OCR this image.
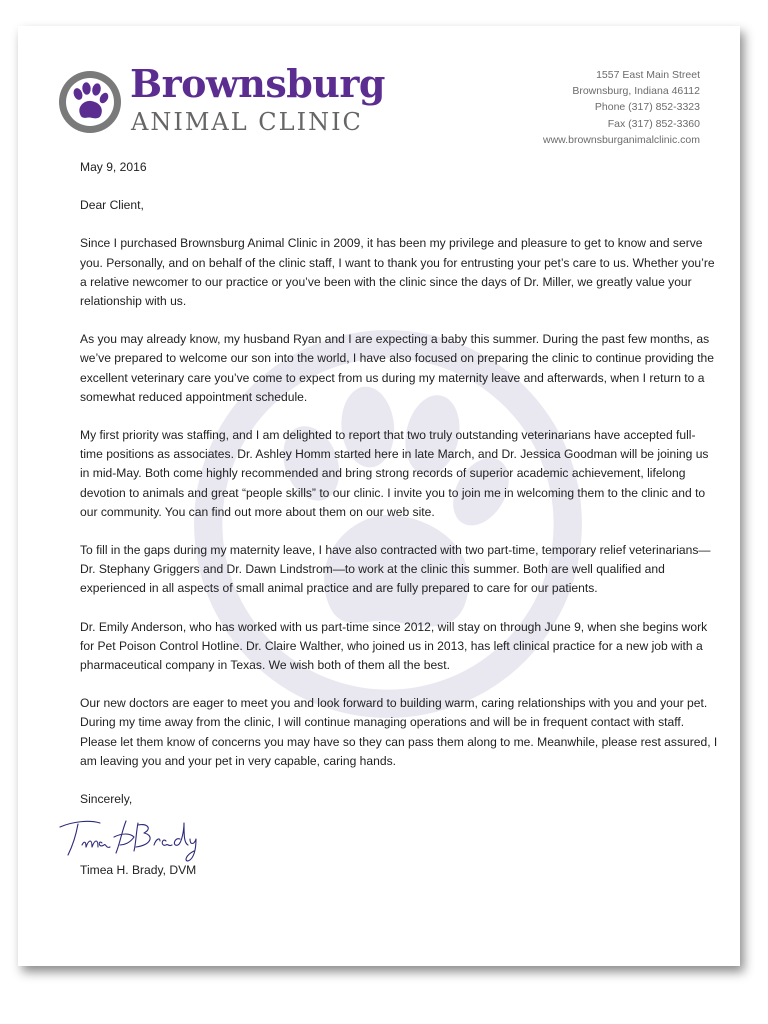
Brownsburg
ANIMAL CLINIC
1557 East Main Street
Brownsburg, Indiana 46112
Phone (317) 852-3323
Fax (317) 852-3360
www.brownsburganimalclinic.com

May 9, 2016

Dear Client,

Since I purchased Brownsburg Animal Clinic in 2009, it has been my privilege and pleasure to get to know and serve you. Personally, and on behalf of the clinic staff, I want to thank you for entrusting your pet’s care to us. Whether you’re a relative newcomer to our practice or you’ve been with the clinic since the days of Dr. Miller, we greatly value your relationship with us.

As you may already know, my husband Ryan and I are expecting a baby this summer. During the past few months, as we’ve prepared to welcome our son into the world, I have also focused on preparing the clinic to continue providing the excellent veterinary care you’ve come to expect from us during my maternity leave and afterwards, when I return to a somewhat reduced appointment schedule.

My first priority was staffing, and I am delighted to report that two truly outstanding veterinarians have accepted full-time positions as associates. Dr. Ashley Homm started here in late March, and Dr. Jessica Goodman will be joining us in mid-May. Both come highly recommended and bring strong records of superior academic achievement, lifelong devotion to animals and great “people skills” to our clinic. I invite you to join me in welcoming them to the clinic and to our community. You can find out more about them on our web site.

To fill in the gaps during my maternity leave, I have also contracted with two part-time, temporary relief veterinarians—Dr. Stephany Griggers and Dr. Dawn Lindstrom—to work at the clinic this summer. Both are well qualified and experienced in all aspects of small animal practice and are fully prepared to care for our patients.

Dr. Emily Anderson, who has worked with us part-time since 2012, will stay on through June 9, when she begins work for Pet Poison Control Hotline. Dr. Claire Walther, who joined us in 2013, has left clinical practice for a new job with a pharmaceutical company in Texas. We wish both of them all the best.

Our new doctors are eager to meet you and look forward to building warm, caring relationships with you and your pet. During my time away from the clinic, I will continue managing operations and will be in frequent contact with staff. Please let them know of concerns you may have so they can pass them along to me. Meanwhile, please rest assured, I am leaving you and your pet in very capable, caring hands.

Sincerely,

Timea H. Brady, DVM
